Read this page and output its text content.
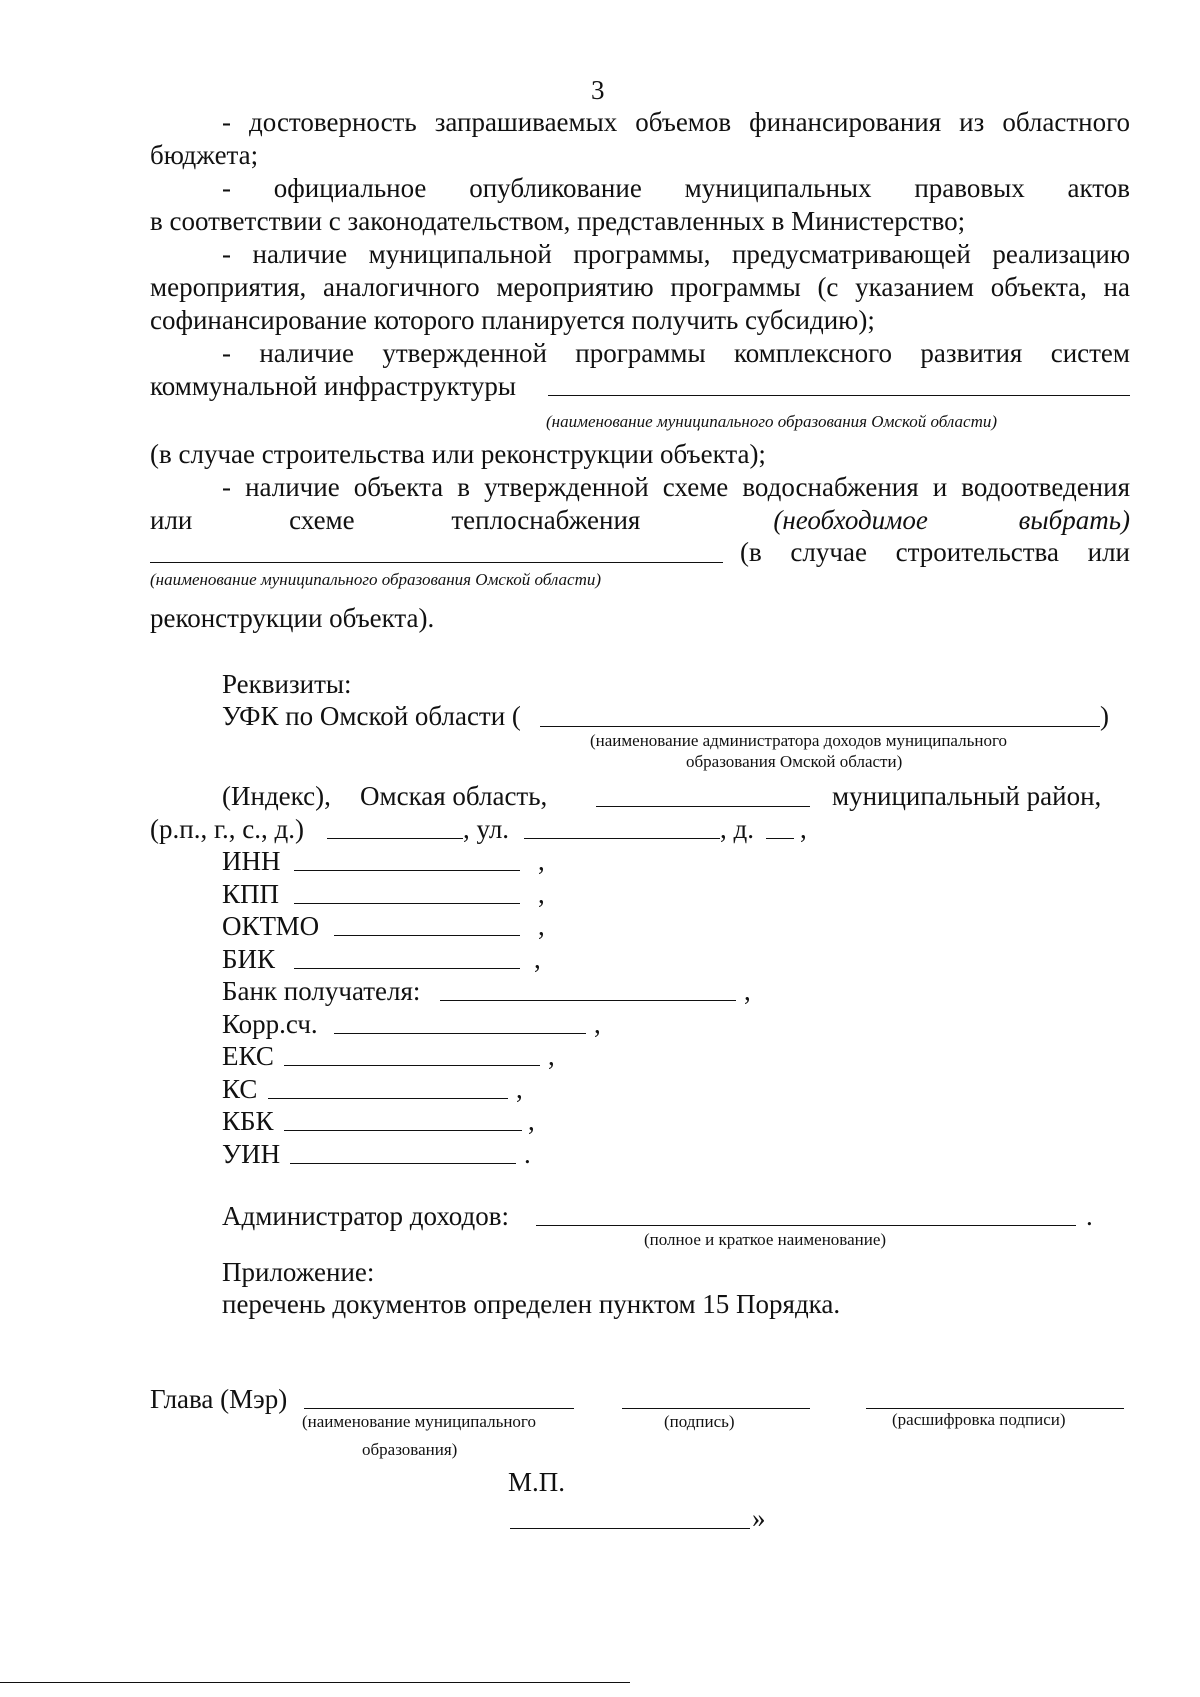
3
- достоверность запрашиваемых объемов финансирования из областного
бюджета;
- официальное опубликование муниципальных правовых актов
в соответствии с законодательством, представленных в Министерство;
- наличие муниципальной программы, предусматривающей реализацию
мероприятия, аналогичного мероприятию программы (с указанием объекта, на
софинансирование которого планируется получить субсидию);
- наличие утвержденной программы комплексного развития систем
коммунальной инфраструктуры
(наименование муниципального образования Омской области)
(в случае строительства или реконструкции объекта);
- наличие объекта в утвержденной схеме водоснабжения и водоотведения
или схеме теплоснабжения	(необходимое выбрать)
(в случае строительства или
(наименование муниципального образования Омской области)
реконструкции объекта).
Реквизиты:
УФК по Омской области (	)
(наименование администратора доходов муниципального
образования Омской области)
(Индекс), Омская область,	муниципальный район,
(р.п., г., с., д.)	, ул.	, д. ,
ИНН	,
КПП	,
ОКТМО	,
БИК	,
Банк получателя:	,
Корр.сч.	,
ЕКС	,
КС	,
КБК	,
УИН	.
Администратор доходов:	.
(полное и краткое наименование)
Приложение:
перечень документов определен пунктом 15 Порядка.
Глава (Мэр)
(наименование муниципального
образования)
(подпись)	(расшифровка подписи)
М.П.
»
